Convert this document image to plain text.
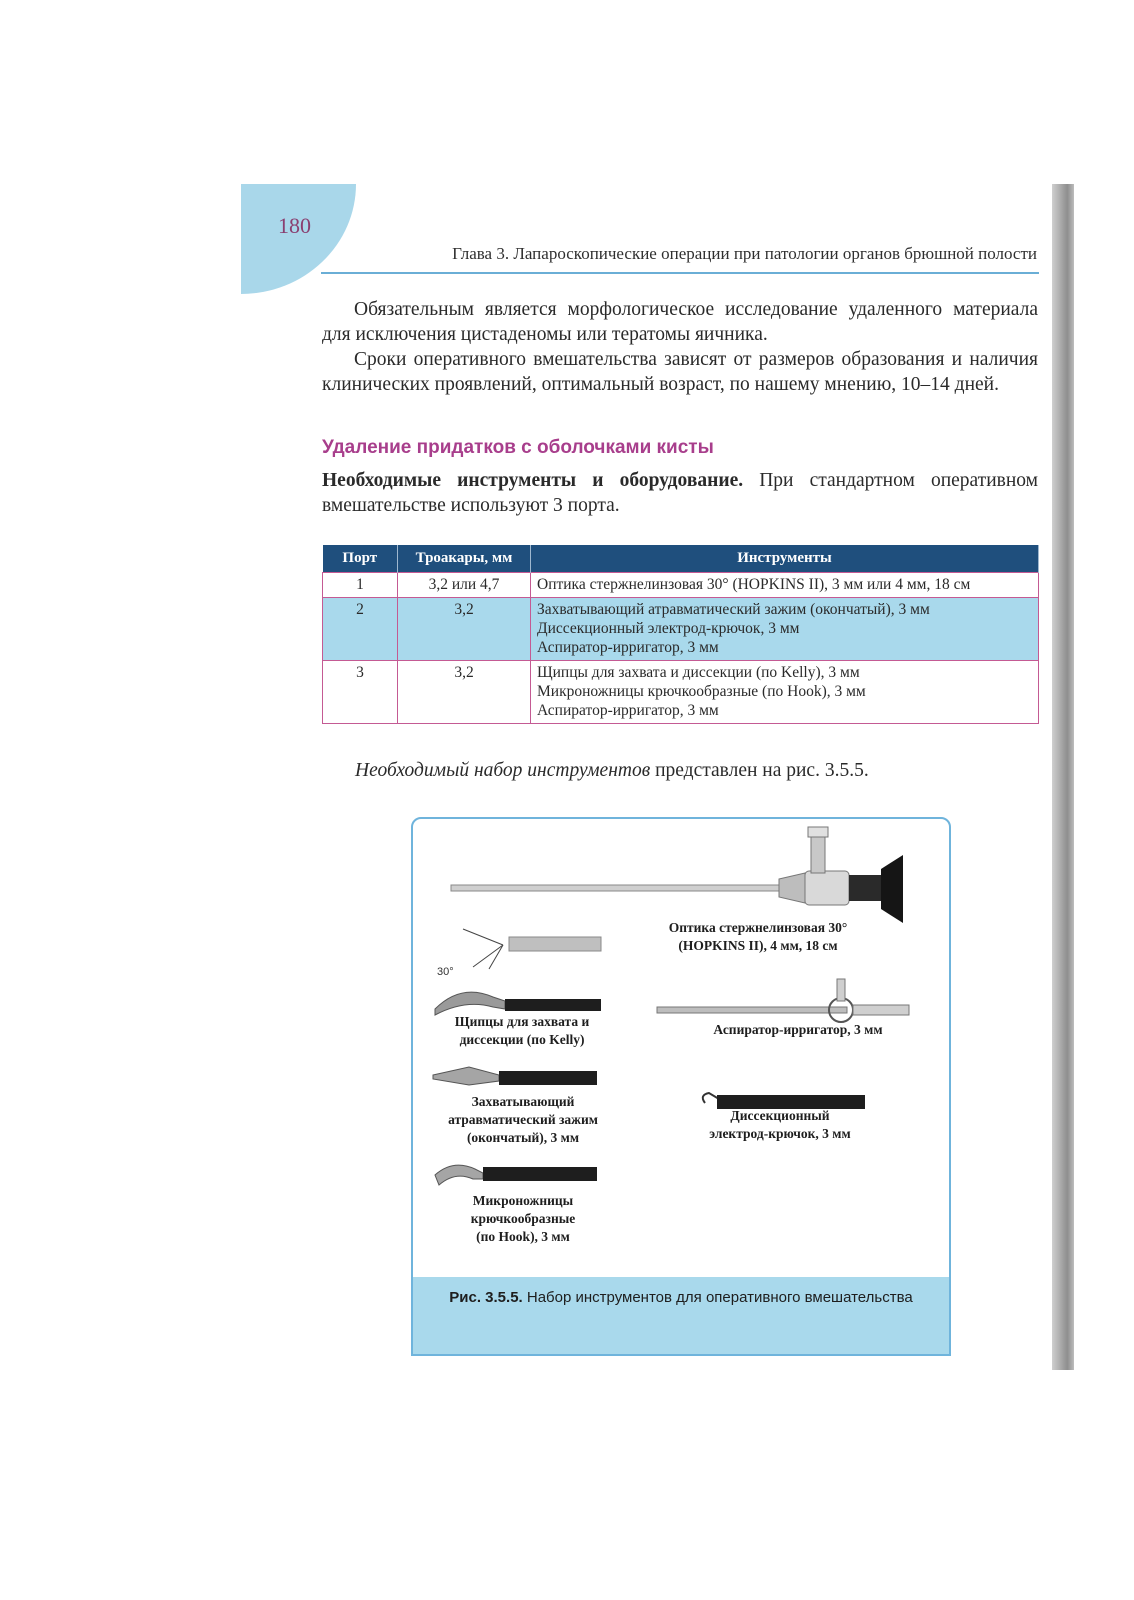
180
Глава 3. Лапароскопические операции при патологии органов брюшной полости
Обязательным является морфологическое исследование удаленного материала для исключения цистаденомы или тератомы яичника.
Сроки оперативного вмешательства зависят от размеров образования и наличия клинических проявлений, оптимальный возраст, по нашему мнению, 10–14 дней.
Удаление придатков с оболочками кисты
Необходимые инструменты и оборудование. При стандартном оперативном вмешательстве используют 3 порта.
Порт	Троакары, мм	Инструменты
1	3,2 или 4,7	Оптика стержнелинзовая 30° (HOPKINS II), 3 мм или 4 мм, 18 см

2	3,2	Захватывающий атравматический зажим (окончатый), 3 мм
Диссекционный электрод-крючок, 3 мм
Аспиратор-ирригатор, 3 мм

3	3,2	Щипцы для захвата и диссекции (по Kelly), 3 мм
Микроножницы крючкообразные (по Hook), 3 мм
Аспиратор-ирригатор, 3 мм
Необходимый набор инструментов представлен на рис. 3.5.5.
30°
Оптика стержнелинзовая 30°
(HOPKINS II), 4 мм, 18 см
Щипцы для захвата и
диссекции (по Kelly)
Аспиратор-ирригатор, 3 мм
Захватывающий
атравматический зажим
(окончатый), 3 мм
Диссекционный
электрод-крючок, 3 мм
Микроножницы
крючкообразные
(по Hook), 3 мм
Рис. 3.5.5. Набор инструментов для оперативного вмешательства
